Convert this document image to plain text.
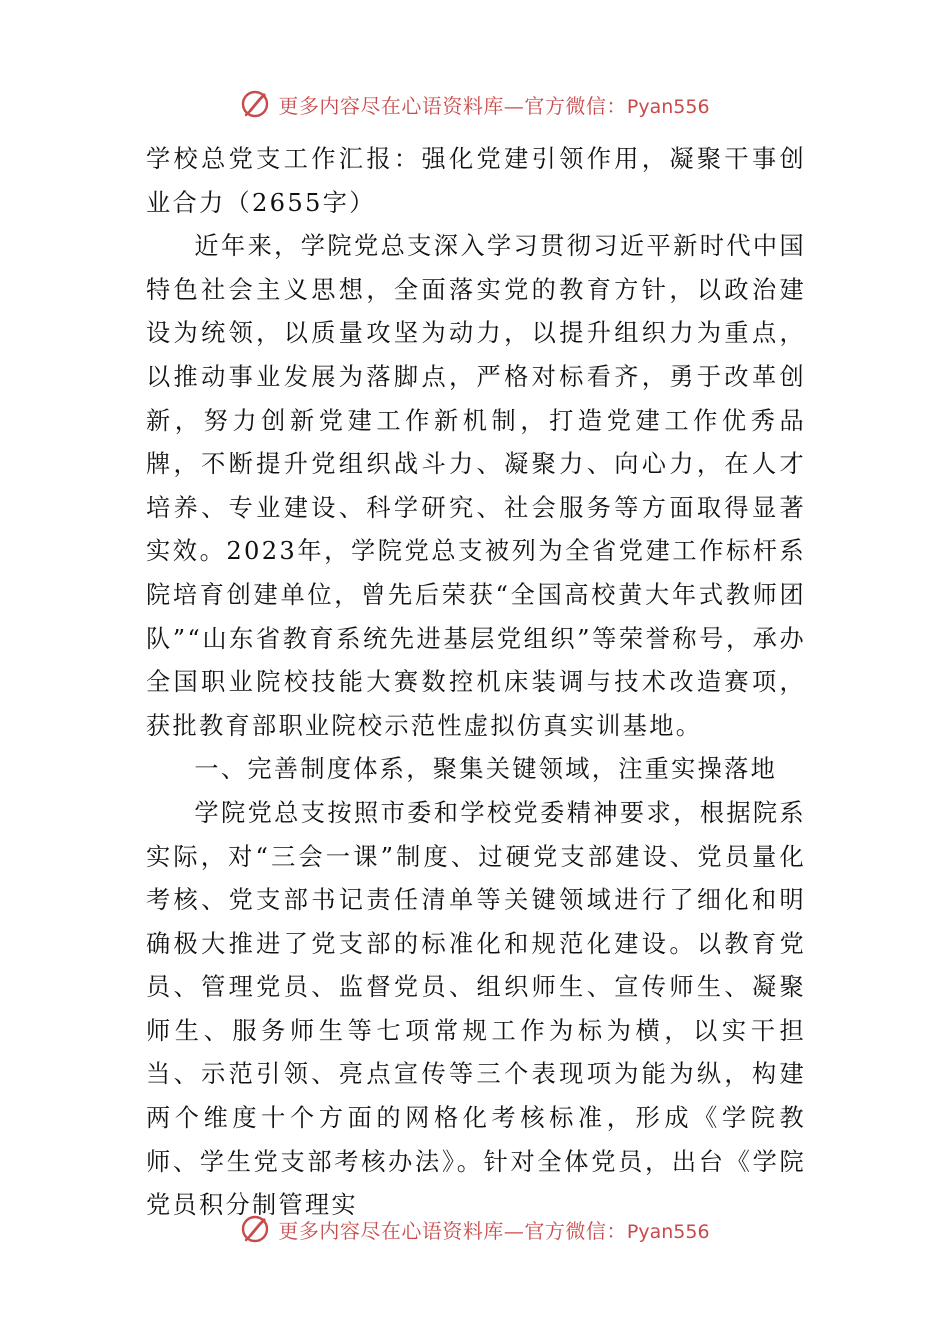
更多内容尽在心语资料库—官方微信：Pyan556

学校总党支工作汇报：强化党建引领作用，凝聚干事创业合力（2655字）

近年来，学院党总支深入学习贯彻习近平新时代中国特色社会主义思想，全面落实党的教育方针，以政治建设为统领，以质量攻坚为动力，以提升组织力为重点，以推动事业发展为落脚点，严格对标看齐，勇于改革创新，努力创新党建工作新机制，打造党建工作优秀品牌，不断提升党组织战斗力、凝聚力、向心力，在人才培养、专业建设、科学研究、社会服务等方面取得显著实效。2023年，学院党总支被列为全省党建工作标杆系院培育创建单位，曾先后荣获“全国高校黄大年式教师团队”“山东省教育系统先进基层党组织”等荣誉称号，承办全国职业院校技能大赛数控机床装调与技术改造赛项，获批教育部职业院校示范性虚拟仿真实训基地。

一、完善制度体系，聚集关键领域，注重实操落地

学院党总支按照市委和学校党委精神要求，根据院系实际，对“三会一课”制度、过硬党支部建设、党员量化考核、党支部书记责任清单等关键领域进行了细化和明确极大推进了党支部的标准化和规范化建设。以教育党员、管理党员、监督党员、组织师生、宣传师生、凝聚师生、服务师生等七项常规工作为标为横，以实干担当、示范引领、亮点宣传等三个表现项为能为纵，构建两个维度十个方面的网格化考核标准，形成《学院教师、学生党支部考核办法》。针对全体党员，出台《学院党员积分制管理实

更多内容尽在心语资料库—官方微信：Pyan556
